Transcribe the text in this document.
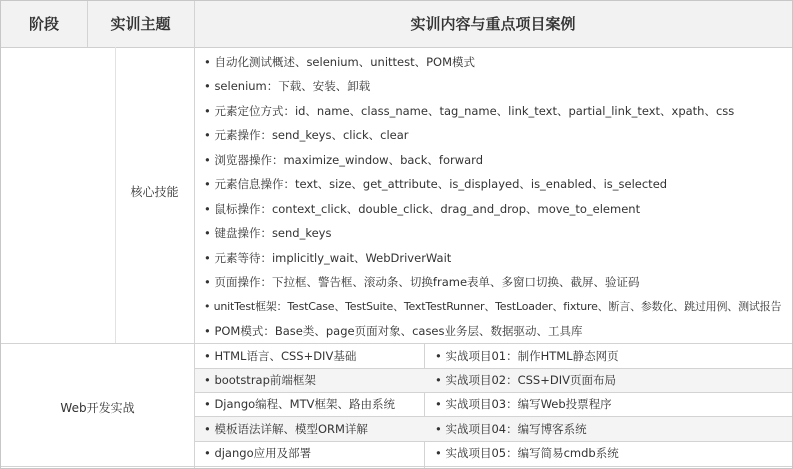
阶段	实训主题	实训内容与重点项目案例
核心技能
• 自动化测试概述、selenium、unittest、POM模式
• selenium：下载、安装、卸载
• 元素定位方式：id、name、class_name、tag_name、link_text、partial_link_text、xpath、css
• 元素操作：send_keys、click、clear
• 浏览器操作：maximize_window、back、forward
• 元素信息操作：text、size、get_attribute、is_displayed、is_enabled、is_selected
• 鼠标操作：context_click、double_click、drag_and_drop、move_to_element
• 键盘操作：send_keys
• 元素等待：implicitly_wait、WebDriverWait
• 页面操作：下拉框、警告框、滚动条、切换frame表单、多窗口切换、截屏、验证码
• unitTest框架：TestCase、TestSuite、TextTestRunner、TestLoader、fixture、断言、参数化、跳过用例、测试报告
• POM模式：Base类、page页面对象、cases业务层、数据驱动、工具库
Web开发实战
• HTML语言、CSS+DIV基础
• bootstrap前端框架
• Django编程、MTV框架、路由系统
• 模板语法详解、模型ORM详解
• django应用及部署
• 实战项目01：制作HTML静态网页
• 实战项目02：CSS+DIV页面布局
• 实战项目03：编写Web投票程序
• 实战项目04：编写博客系统
• 实战项目05：编写简易cmdb系统
